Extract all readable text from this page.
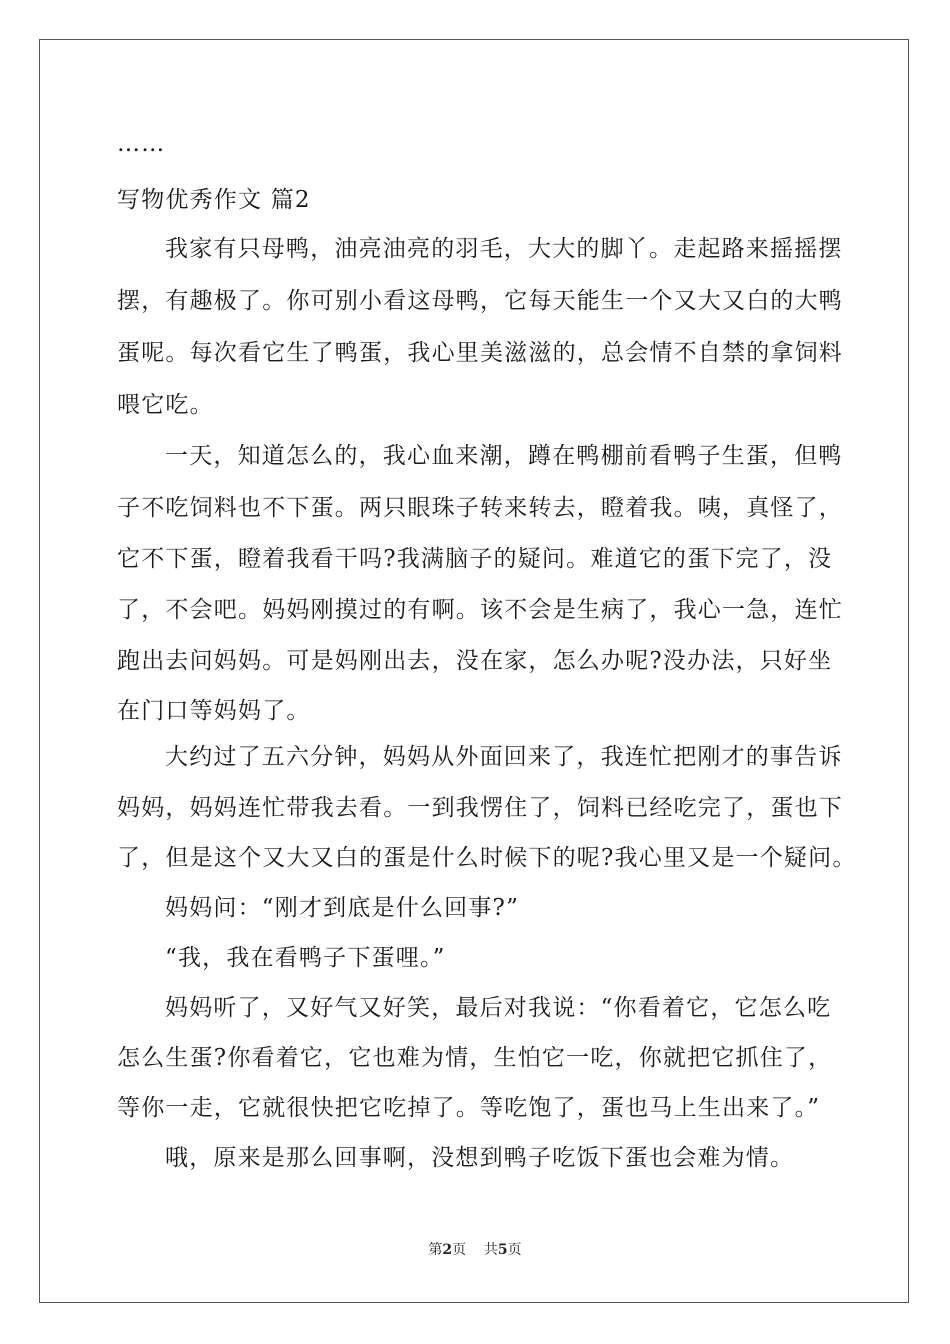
……
写物优秀作文 篇2
我家有只母鸭，油亮油亮的羽毛，大大的脚丫。走起路来摇摇摆
摆，有趣极了。你可别小看这母鸭，它每天能生一个又大又白的大鸭
蛋呢。每次看它生了鸭蛋，我心里美滋滋的，总会情不自禁的拿饲料
喂它吃。
一天，知道怎么的，我心血来潮，蹲在鸭棚前看鸭子生蛋，但鸭
子不吃饲料也不下蛋。两只眼珠子转来转去，瞪着我。咦，真怪了，
它不下蛋，瞪着我看干吗?我满脑子的疑问。难道它的蛋下完了，没
了，不会吧。妈妈刚摸过的有啊。该不会是生病了，我心一急，连忙
跑出去问妈妈。可是妈刚出去，没在家，怎么办呢?没办法，只好坐
在门口等妈妈了。
大约过了五六分钟，妈妈从外面回来了，我连忙把刚才的事告诉
妈妈，妈妈连忙带我去看。一到我愣住了，饲料已经吃完了，蛋也下
了，但是这个又大又白的蛋是什么时候下的呢?我心里又是一个疑问。
妈妈问：“刚才到底是什么回事?”
“我，我在看鸭子下蛋哩。”
妈妈听了，又好气又好笑，最后对我说：“你看着它，它怎么吃
怎么生蛋?你看着它，它也难为情，生怕它一吃，你就把它抓住了，
等你一走，它就很快把它吃掉了。等吃饱了，蛋也马上生出来了。”
哦，原来是那么回事啊，没想到鸭子吃饭下蛋也会难为情。
第2页 共5页
